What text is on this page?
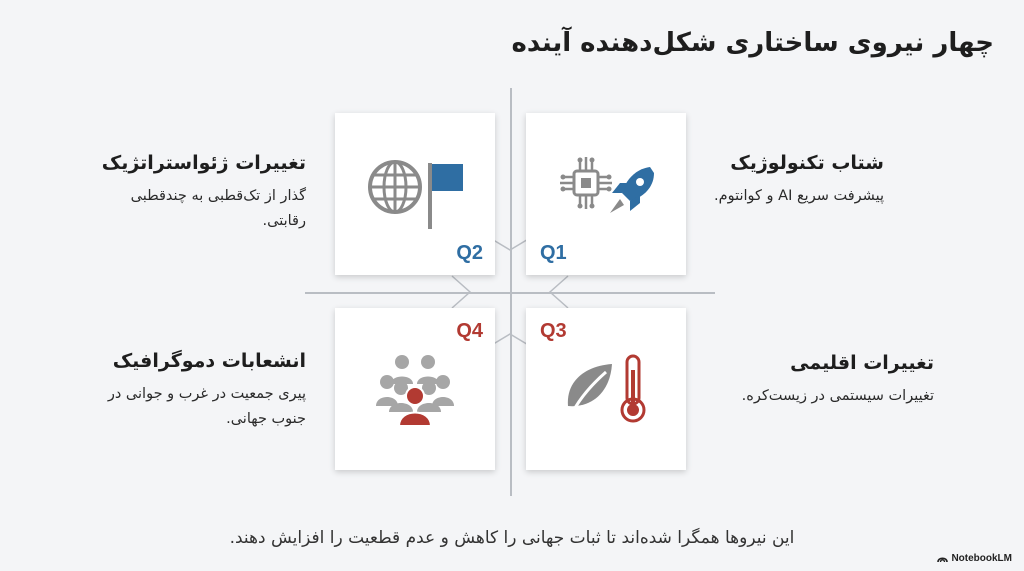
چهار نیروی ساختاری شکل‌دهنده آینده
Q2	Q1
Q4	Q3
تغییرات ژئواستراتژیک
گذار از تک‌قطبی به چندقطبی رقابتی.
شتاب تکنولوژیک
پیشرفت سریع AI و کوانتوم.
انشعابات دموگرافیک
پیری جمعیت در غرب و جوانی در جنوب جهانی.
تغییرات اقلیمی
تغییرات سیستمی در زیست‌کره.
این نیروها همگرا شده‌اند تا ثبات جهانی را کاهش و عدم قطعیت را افزایش دهند.
NotebookLM
